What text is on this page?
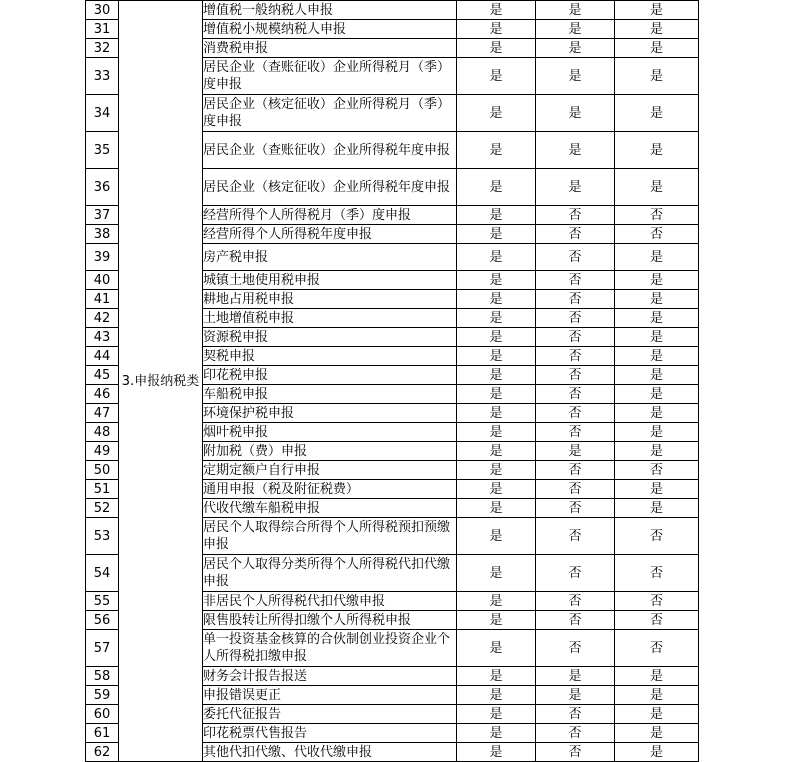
30	3.申报纳税类	增值税一般纳税人申报	是	是	是
31		增值税小规模纳税人申报	是	是	是
32		消费税申报	是	是	是
33		居民企业（查账征收）企业所得税月（季）度申报	是	是	是
34		居民企业（核定征收）企业所得税月（季）度申报	是	是	是
35		居民企业（查账征收）企业所得税年度申报	是	是	是
36		居民企业（核定征收）企业所得税年度申报	是	是	是
37		经营所得个人所得税月（季）度申报	是	否	否
38		经营所得个人所得税年度申报	是	否	否
39		房产税申报	是	否	是
40		城镇土地使用税申报	是	否	是
41		耕地占用税申报	是	否	是
42		土地增值税申报	是	否	是
43		资源税申报	是	否	是
44		契税申报	是	否	是
45		印花税申报	是	否	是
46		车船税申报	是	否	是
47		环境保护税申报	是	否	是
48		烟叶税申报	是	否	是
49		附加税（费）申报	是	是	是
50		定期定额户自行申报	是	否	否
51		通用申报（税及附征税费）	是	否	是
52		代收代缴车船税申报	是	否	是
53		居民个人取得综合所得个人所得税预扣预缴申报	是	否	否
54		居民个人取得分类所得个人所得税代扣代缴申报	是	否	否
55		非居民个人所得税代扣代缴申报	是	否	否
56		限售股转让所得扣缴个人所得税申报	是	否	否
57		单一投资基金核算的合伙制创业投资企业个人所得税扣缴申报	是	否	否
58		财务会计报告报送	是	是	是
59		申报错误更正	是	是	是
60		委托代征报告	是	否	是
61		印花税票代售报告	是	否	是
62		其他代扣代缴、代收代缴申报	是	否	是
